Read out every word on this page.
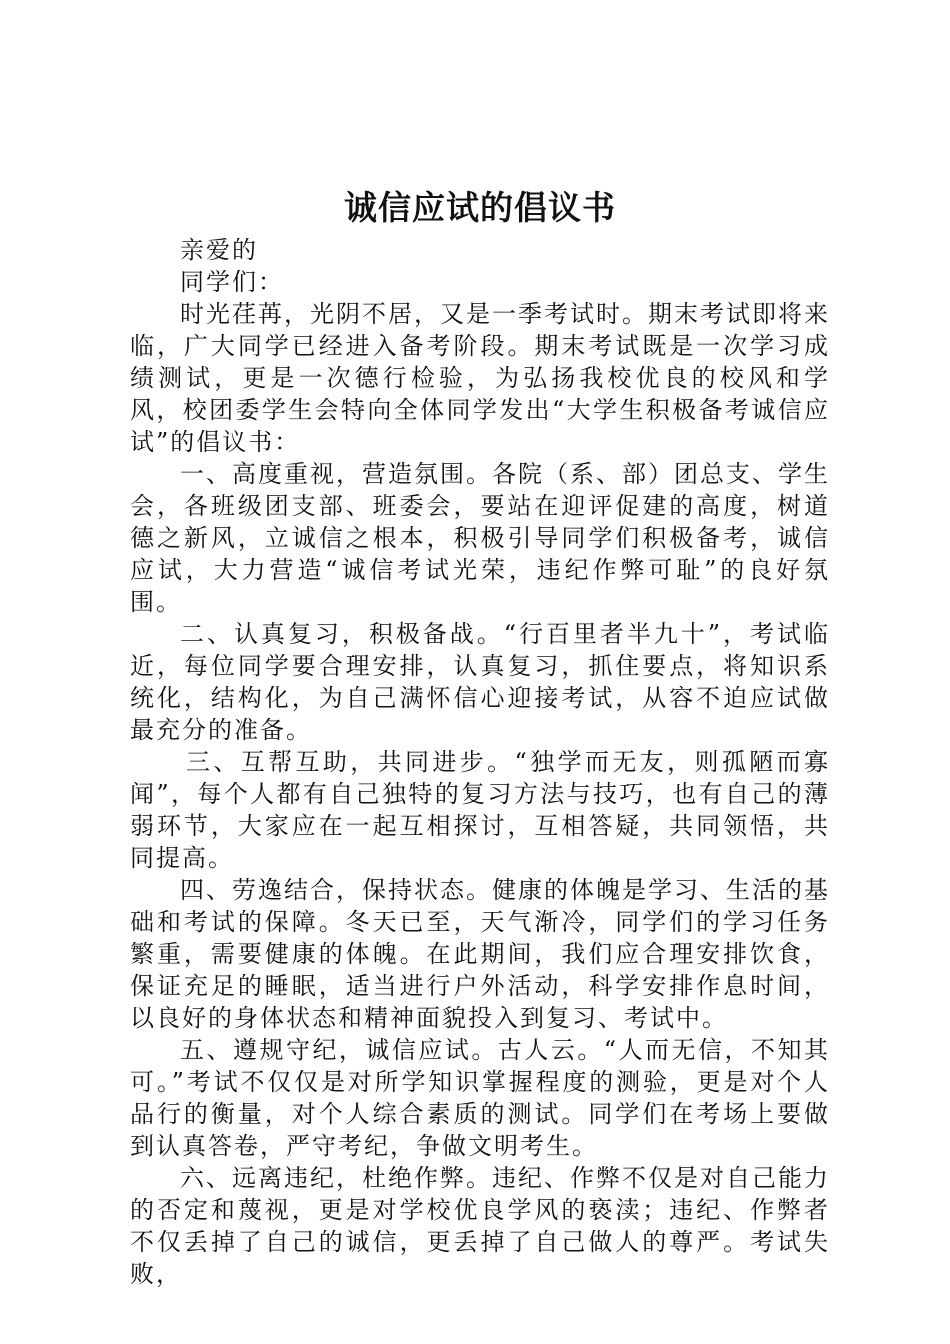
诚信应试的倡议书

亲爱的

同学们：

时光荏苒，光阴不居，又是一季考试时。期末考试即将来临，广大同学已经进入备考阶段。期末考试既是一次学习成绩测试，更是一次德行检验，为弘扬我校优良的校风和学风，校团委学生会特向全体同学发出“大学生积极备考诚信应试”的倡议书：

一、高度重视，营造氛围。各院（系、部）团总支、学生会，各班级团支部、班委会，要站在迎评促建的高度，树道德之新风，立诚信之根本，积极引导同学们积极备考，诚信应试，大力营造“诚信考试光荣，违纪作弊可耻”的良好氛围。

二、认真复习，积极备战。“行百里者半九十”，考试临近，每位同学要合理安排，认真复习，抓住要点，将知识系统化，结构化，为自己满怀信心迎接考试，从容不迫应试做最充分的准备。

三、互帮互助，共同进步。“独学而无友，则孤陋而寡闻”，每个人都有自己独特的复习方法与技巧，也有自己的薄弱环节，大家应在一起互相探讨，互相答疑，共同领悟，共同提高。

四、劳逸结合，保持状态。健康的体魄是学习、生活的基础和考试的保障。冬天已至，天气渐冷，同学们的学习任务繁重，需要健康的体魄。在此期间，我们应合理安排饮食，保证充足的睡眠，适当进行户外活动，科学安排作息时间，以良好的身体状态和精神面貌投入到复习、考试中。

五、遵规守纪，诚信应试。古人云。“人而无信，不知其可。”考试不仅仅是对所学知识掌握程度的测验，更是对个人品行的衡量，对个人综合素质的测试。同学们在考场上要做到认真答卷，严守考纪，争做文明考生。

六、远离违纪，杜绝作弊。违纪、作弊不仅是对自己能力的否定和蔑视，更是对学校优良学风的亵渎；违纪、作弊者不仅丢掉了自己的诚信，更丢掉了自己做人的尊严。考试失败，
